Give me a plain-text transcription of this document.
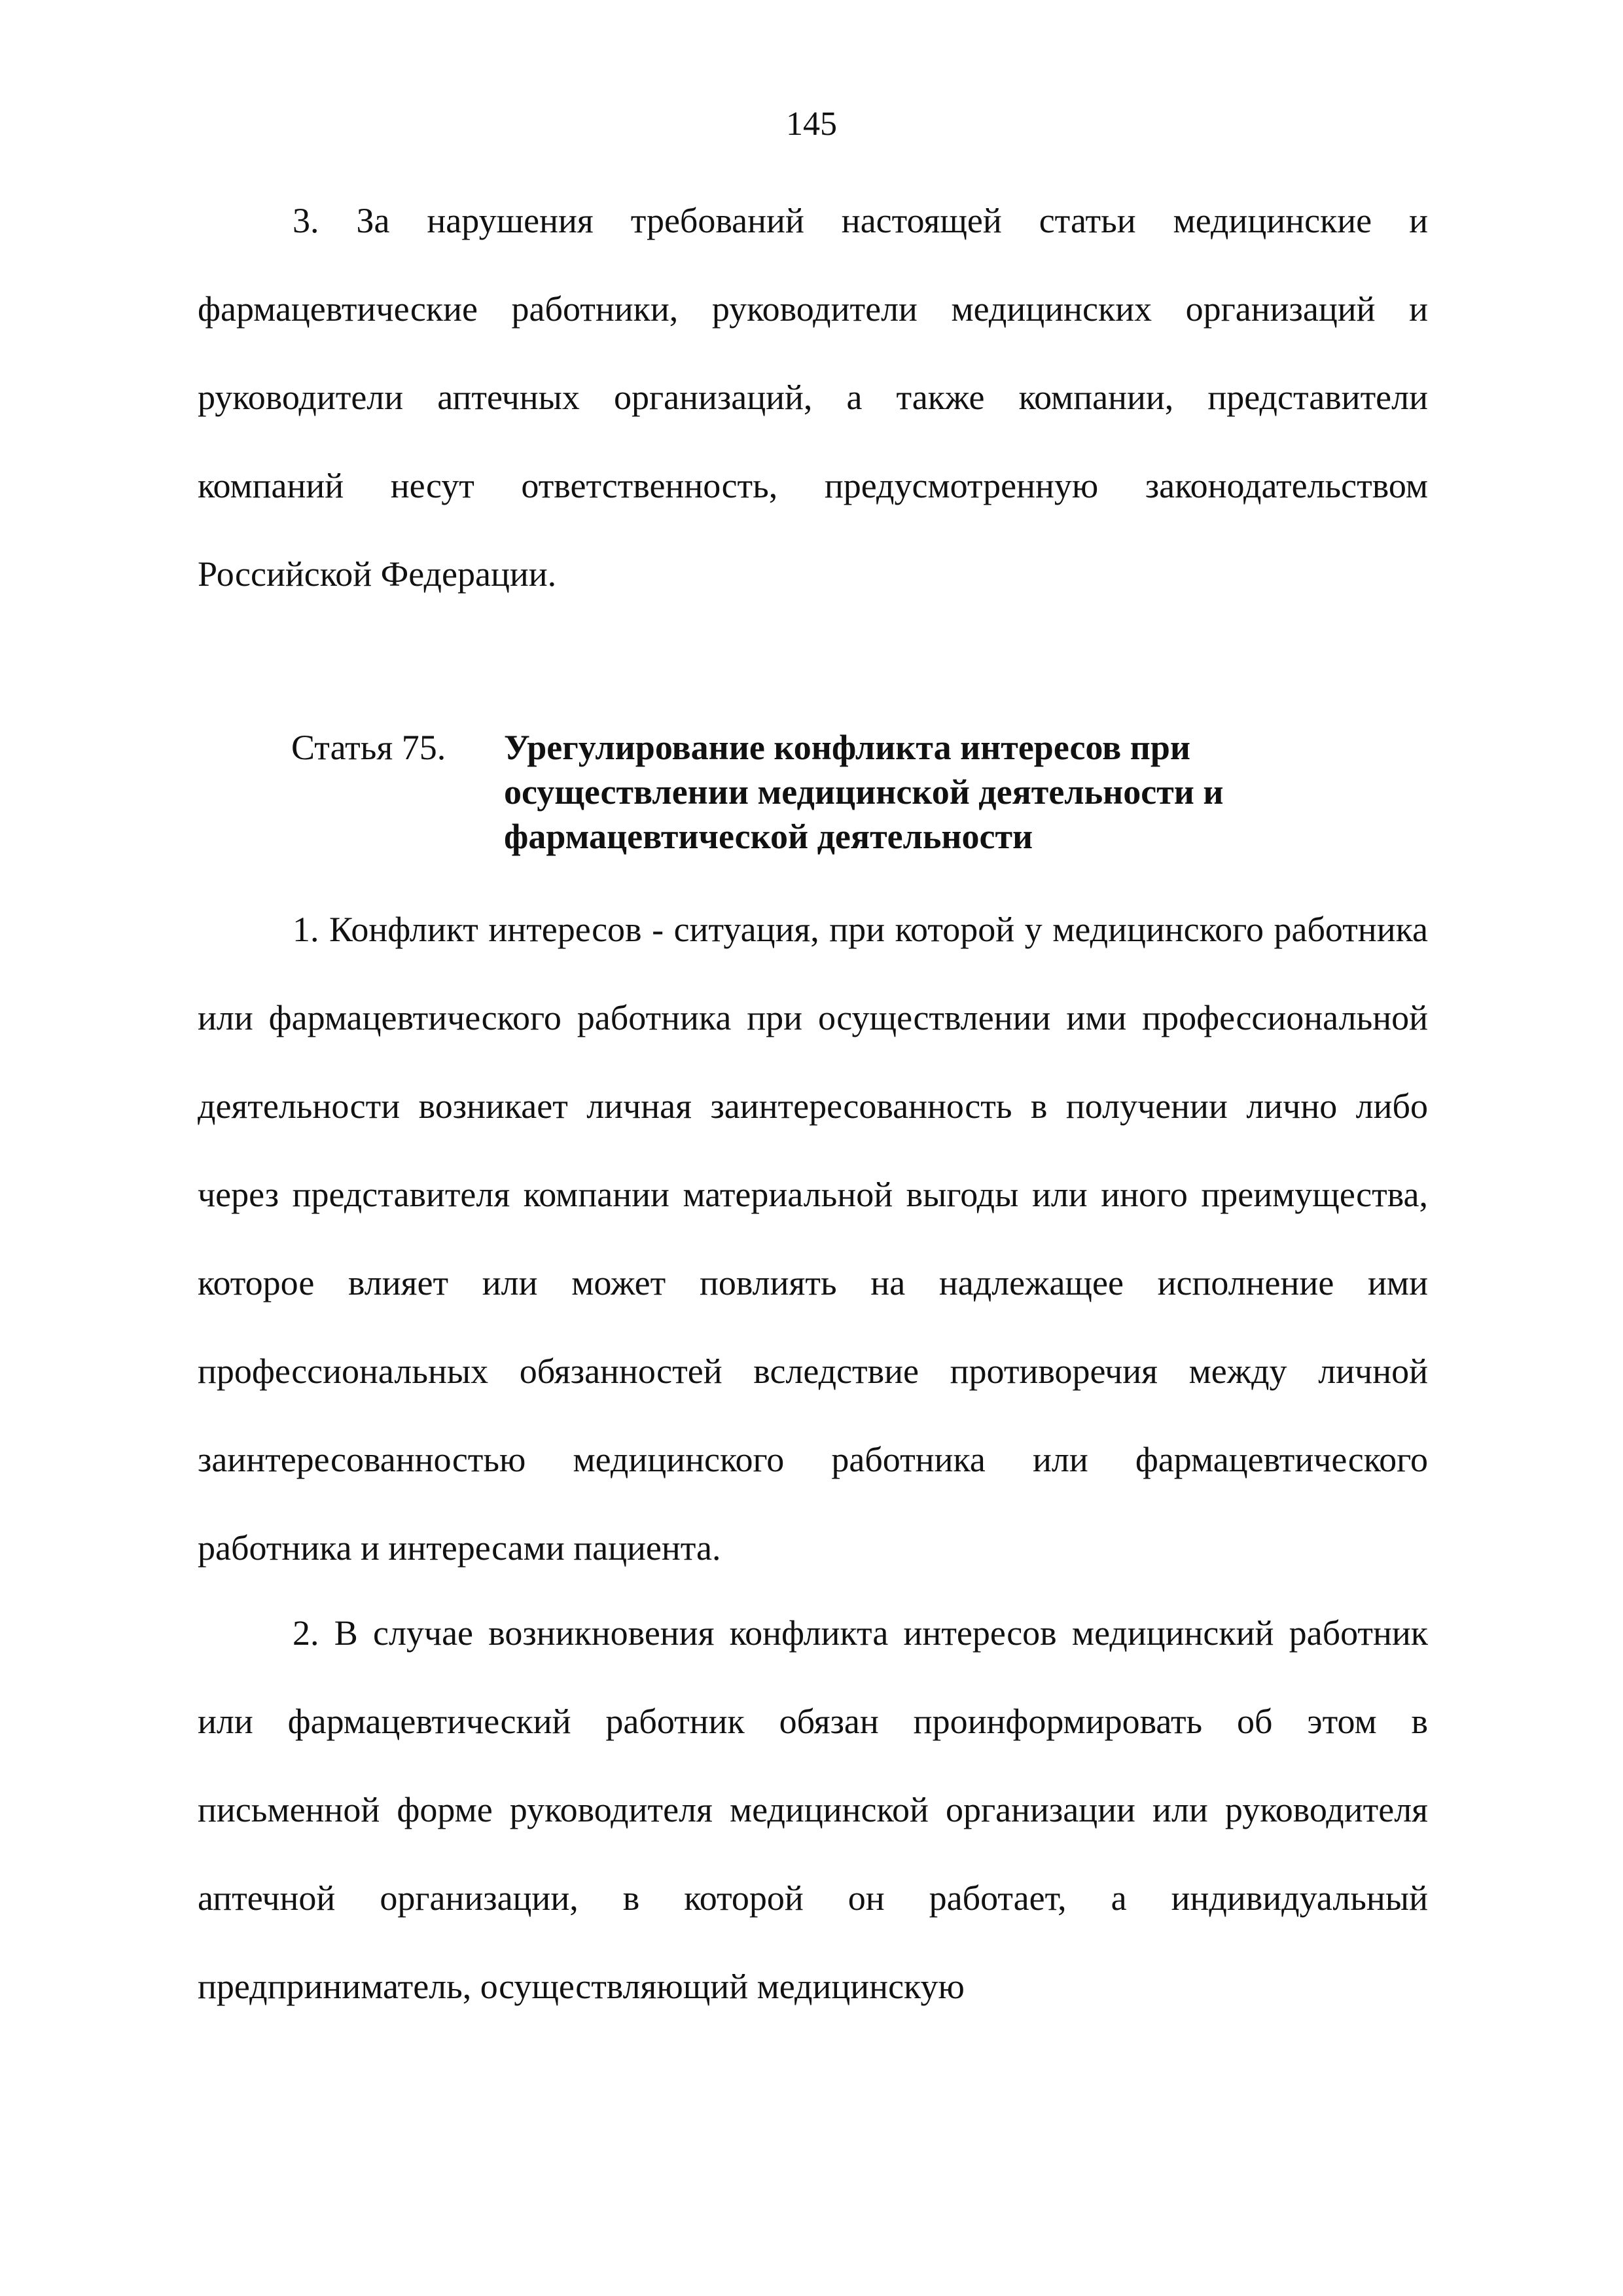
145

3. За нарушения требований настоящей статьи медицинские и фармацевтические работники, руководители медицинских организаций и руководители аптечных организаций, а также компании, представители компаний несут ответственность, предусмотренную законодательством Российской Федерации.

Статья 75.	Урегулирование конфликта интересов при осуществлении медицинской деятельности и фармацевтической деятельности

1. Конфликт интересов - ситуация, при которой у медицинского работника или фармацевтического работника при осуществлении ими профессиональной деятельности возникает личная заинтересованность в получении лично либо через представителя компании материальной выгоды или иного преимущества, которое влияет или может повлиять на надлежащее исполнение ими профессиональных обязанностей вследствие противоречия между личной заинтересованностью медицинского работника или фармацевтического работника и интересами пациента.

2. В случае возникновения конфликта интересов медицинский работник или фармацевтический работник обязан проинформировать об этом в письменной форме руководителя медицинской организации или руководителя аптечной организации, в которой он работает, а индивидуальный предприниматель, осуществляющий медицинскую
